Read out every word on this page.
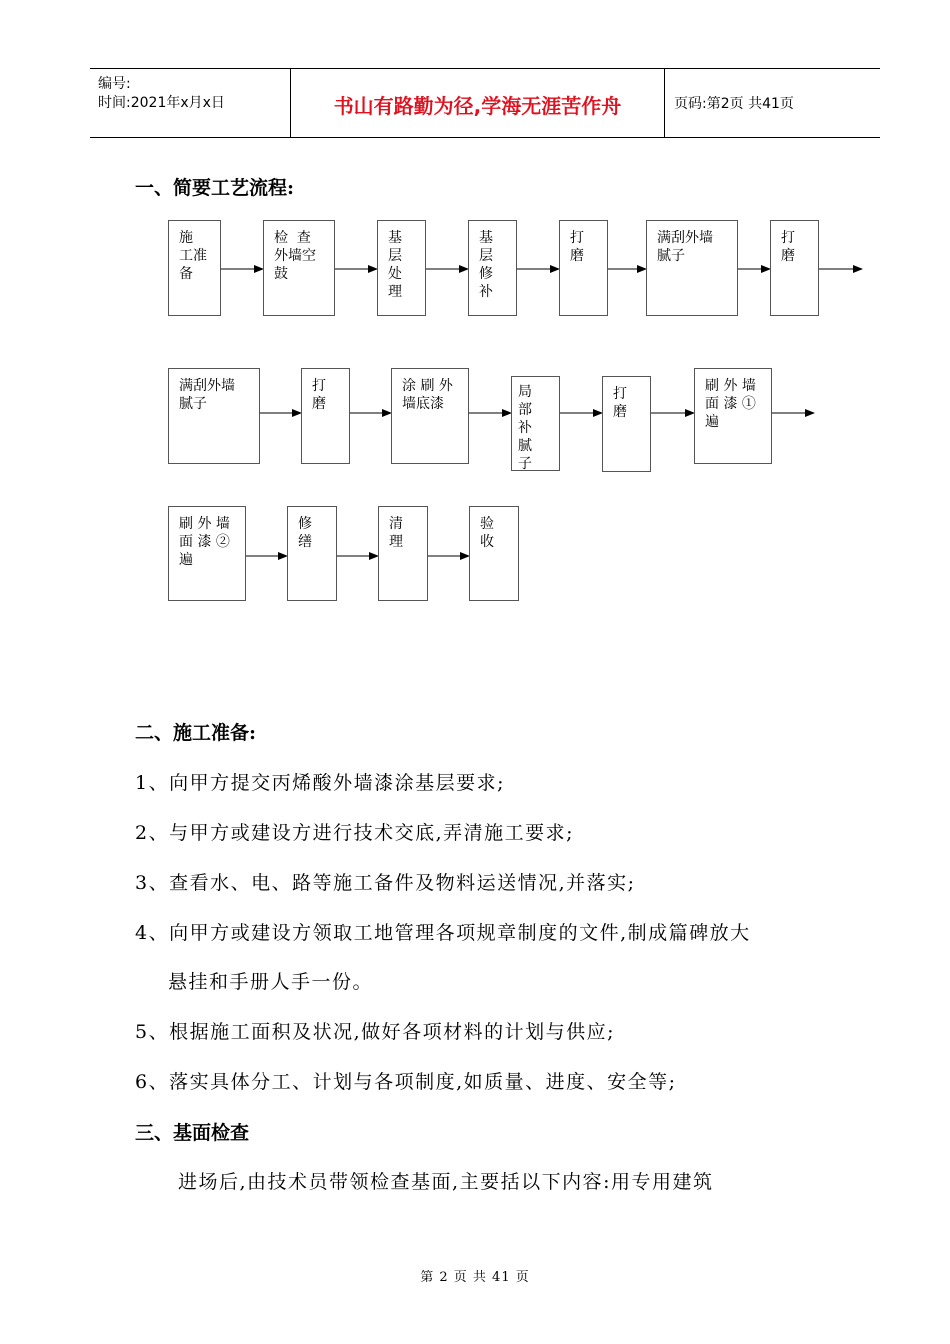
编号:
时间:2021年x月x日	书山有路勤为径,学海无涯苦作舟	页码:第2页 共41页
一、简要工艺流程:
施
工准
备
检  查
外墙空
鼓
基
层
处
理
基
层
修
补
打
磨
满刮外墙
腻子
打
磨
满刮外墙
腻子
打
磨
涂 刷 外
墙底漆
局
部
补
腻
子
打
磨
刷 外 墙
面 漆 ①
遍
刷 外 墙
面 漆 ②
遍
修
缮
清
理
验
收
二、施工准备:
1、向甲方提交丙烯酸外墙漆涂基层要求;
2、与甲方或建设方进行技术交底,弄清施工要求;
3、查看水、电、路等施工备件及物料运送情况,并落实;
4、向甲方或建设方领取工地管理各项规章制度的文件,制成篇碑放大
悬挂和手册人手一份。
5、根据施工面积及状况,做好各项材料的计划与供应;
6、落实具体分工、计划与各项制度,如质量、进度、安全等;
三、基面检查
进场后,由技术员带领检查基面,主要括以下内容:用专用建筑
第 2 页 共 41 页
